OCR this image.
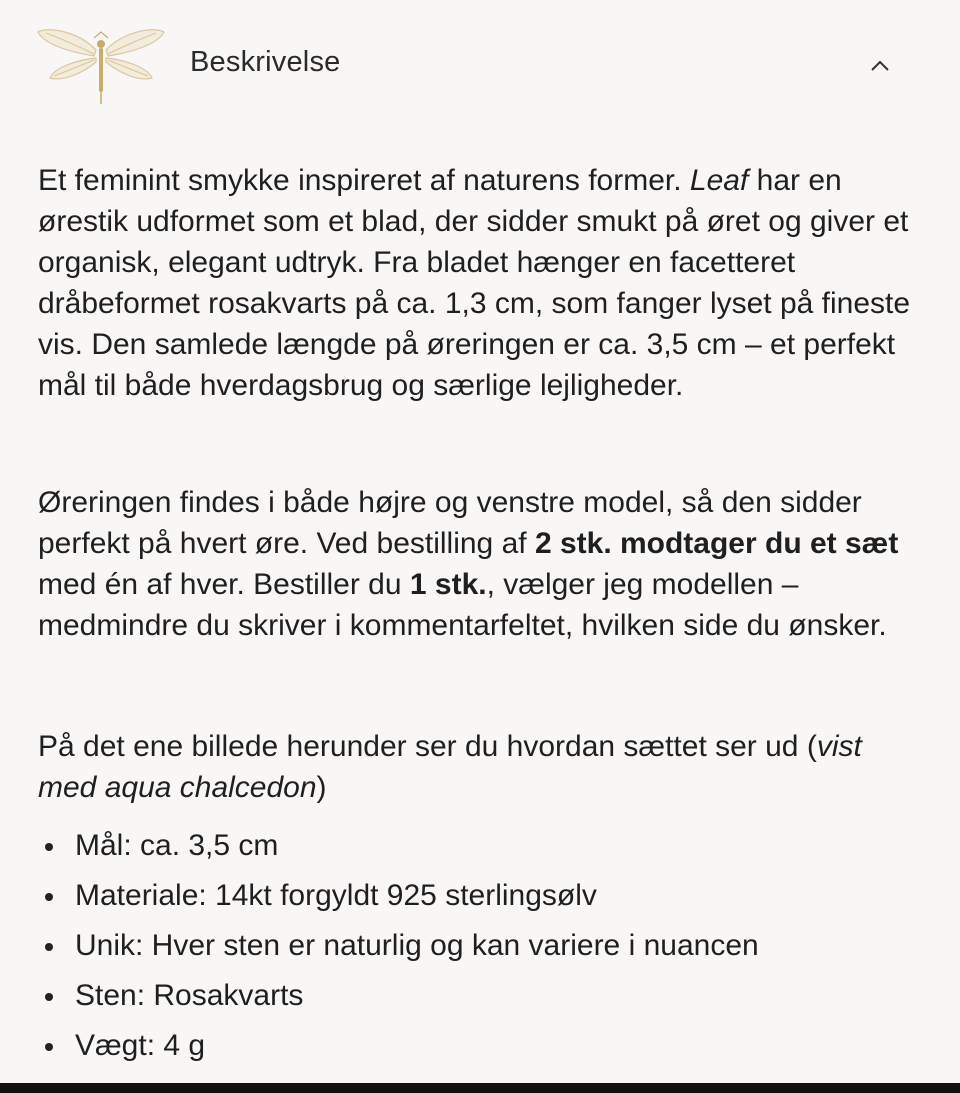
Beskrivelse

Et feminint smykke inspireret af naturens former. Leaf har en ørestik udformet som et blad, der sidder smukt på øret og giver et organisk, elegant udtryk. Fra bladet hænger en facetteret dråbeformet rosakvarts på ca. 1,3 cm, som fanger lyset på fineste vis. Den samlede længde på øreringen er ca. 3,5 cm – et perfekt mål til både hverdagsbrug og særlige lejligheder.

Øreringen findes i både højre og venstre model, så den sidder perfekt på hvert øre. Ved bestilling af 2 stk. modtager du et sæt med én af hver. Bestiller du 1 stk., vælger jeg modellen – medmindre du skriver i kommentarfeltet, hvilken side du ønsker.

På det ene billede herunder ser du hvordan sættet ser ud (vist med aqua chalcedon)

Mål: ca. 3,5 cm
Materiale: 14kt forgyldt 925 sterlingsølv
Unik: Hver sten er naturlig og kan variere i nuancen
Sten: Rosakvarts
Vægt: 4 g
